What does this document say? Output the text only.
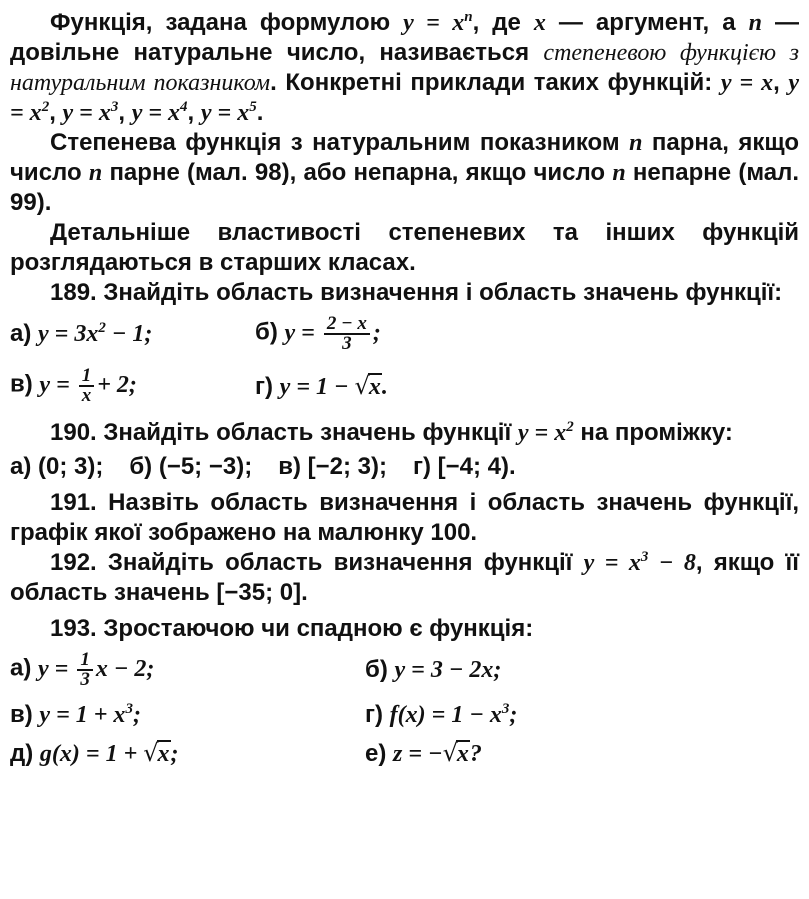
Функція, задана формулою $y = x^n$, де x — аргумент, а n — довільне натуральне число, називається степеневою функцією з натуральним показником. Конкретні приклади таких функцій: y = x, $y = x^2$, $y = x^3$, $y = x^4$, $y = x^5$.

Степенева функція з натуральним показником n парна, якщо число n парне (мал. 98), або непарна, якщо число n непарне (мал. 99).

Детальніше властивості степеневих та інших функцій розглядаються в старших класах.

189. Знайдіть область визначення і область значень функції:

а) $y = 3x^2 - 1$;	б) $y = \frac{2 - x}{3}$ ;
в) $y = \frac{1}{x} + 2$;	г) y = 1 − √x.

190. Знайдіть область значень функції $y = x^2$ на проміжку:

а) (0; 3); б) (−5; −3); в) [−2; 3); г) [−4; 4).

191. Назвіть область визначення і область значень функції, графік якої зображено на малюнку 100.

192. Знайдіть область визначення функції $y = x^3 - 8$, якщо її область значень [−35; 0].

193. Зростаючою чи спадною є функція:

а) $y = \frac{1}{3}$ x − 2;	б) y = 3 − 2x;
в) $y = 1 + x^3$;	г) $f(x) = 1 - x^3$;
д) g(x) = 1 + √x;	е) z = −√x?
